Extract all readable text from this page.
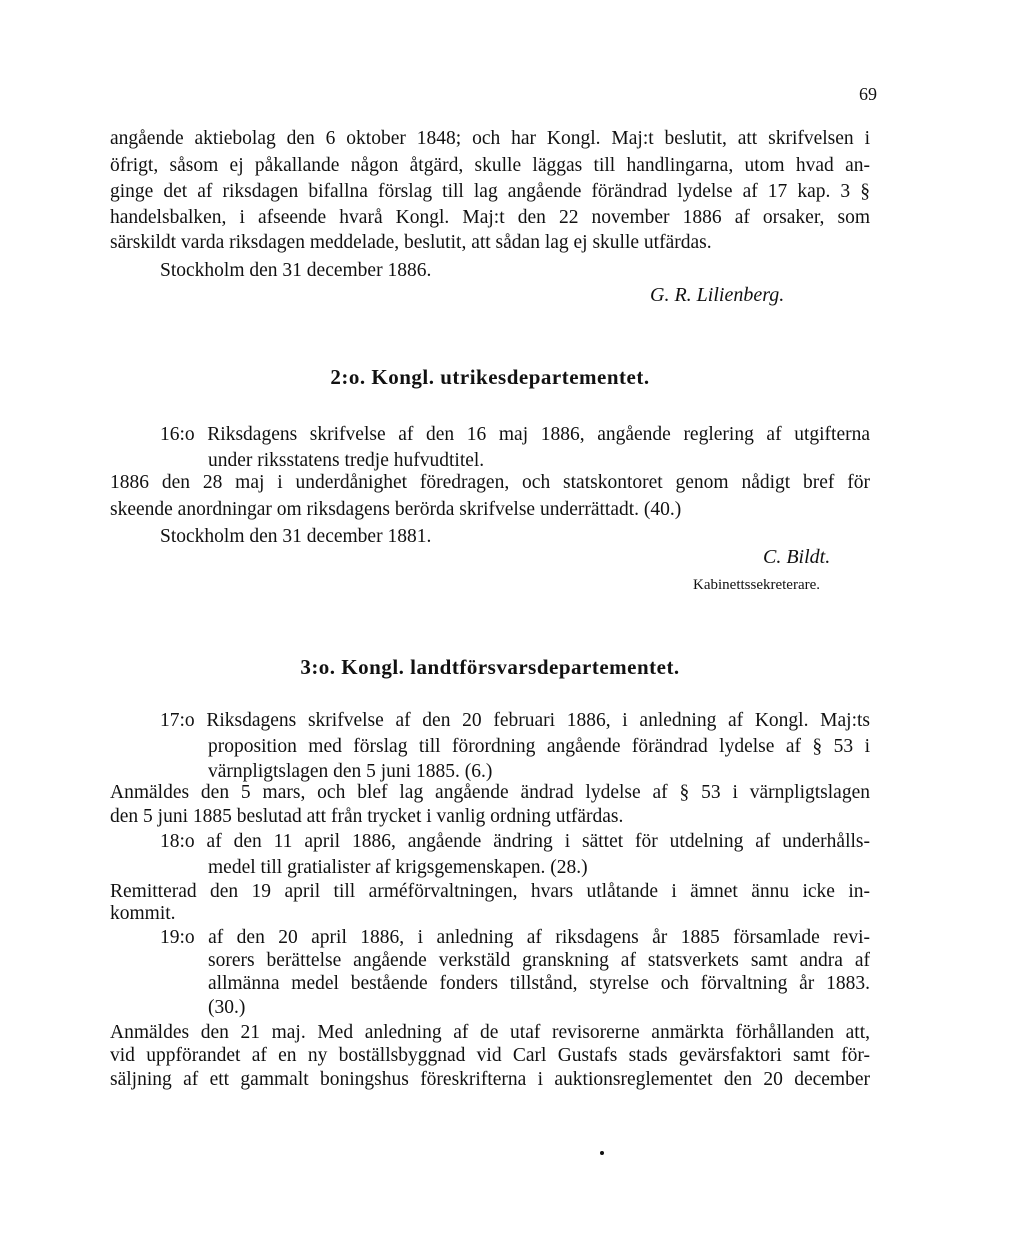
69
angående aktiebolag den 6 oktober 1848; och har Kongl. Maj:t beslutit, att skrifvelsen i
öfrigt, såsom ej påkallande någon åtgärd, skulle läggas till handlingarna, utom hvad an-
ginge det af riksdagen bifallna förslag till lag angående förändrad lydelse af 17 kap. 3 §
handelsbalken, i afseende hvarå Kongl. Maj:t den 22 november 1886 af orsaker, som
särskildt varda riksdagen meddelade, beslutit, att sådan lag ej skulle utfärdas.
Stockholm den 31 december 1886.
G. R. Lilienberg.
2:o. Kongl. utrikesdepartementet.
16:o Riksdagens skrifvelse af den 16 maj 1886, angående reglering af utgifterna
under riksstatens tredje hufvudtitel.
1886 den 28 maj i underdånighet föredragen, och statskontoret genom nådigt bref för
skeende anordningar om riksdagens berörda skrifvelse underrättadt. (40.)
Stockholm den 31 december 1881.
C. Bildt.
Kabinettssekreterare.
3:o. Kongl. landtförsvarsdepartementet.
17:o Riksdagens skrifvelse af den 20 februari 1886, i anledning af Kongl. Maj:ts
proposition med förslag till förordning angående förändrad lydelse af § 53 i
värnpligtslagen den 5 juni 1885. (6.)
Anmäldes den 5 mars, och blef lag angående ändrad lydelse af § 53 i värnpligtslagen
den 5 juni 1885 beslutad att från trycket i vanlig ordning utfärdas.
18:o af den 11 april 1886, angående ändring i sättet för utdelning af underhålls-
medel till gratialister af krigsgemenskapen. (28.)
Remitterad den 19 april till arméförvaltningen, hvars utlåtande i ämnet ännu icke in-
kommit.
19:o af den 20 april 1886, i anledning af riksdagens år 1885 församlade revi-
sorers berättelse angående verkstäld granskning af statsverkets samt andra af
allmänna medel bestående fonders tillstånd, styrelse och förvaltning år 1883.
(30.)
Anmäldes den 21 maj. Med anledning af de utaf revisorerne anmärkta förhållanden att,
vid uppförandet af en ny boställsbyggnad vid Carl Gustafs stads gevärsfaktori samt för-
säljning af ett gammalt boningshus föreskrifterna i auktionsreglementet den 20 december
